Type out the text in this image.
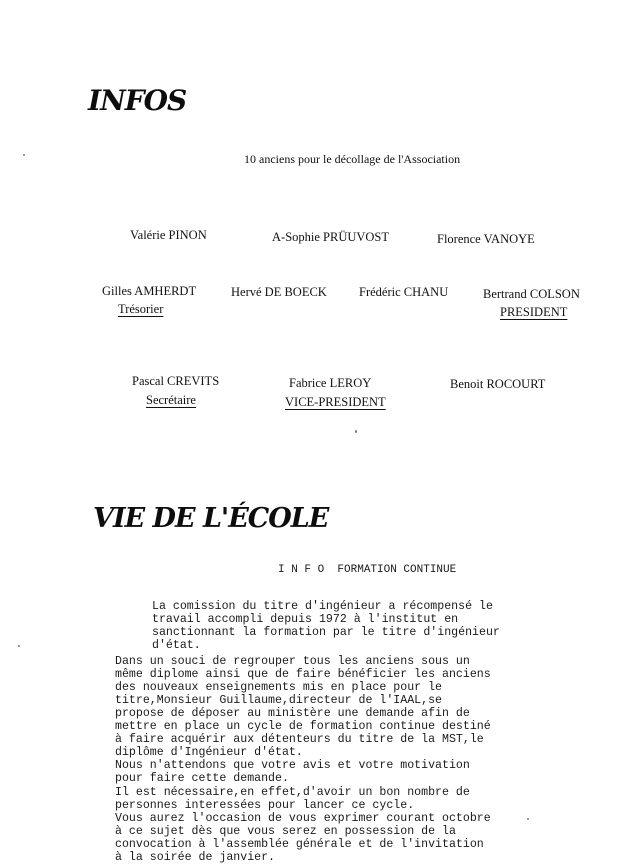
INFOS
10 anciens pour le décollage de l'Association
Valérie PINON	A-Sophie PRÜUVOST	Florence VANOYE
Gilles AMHERDT
Trésorier
Hervé DE BOECK	Frédéric CHANU	Bertrand COLSON
PRESIDENT
Pascal CREVITS
Secrétaire
Fabrice LEROY
VICE-PRESIDENT
Benoit ROCOURT
VIE DE L'ÉCOLE
I N F O  FORMATION CONTINUE
La comission du titre d'ingénieur a récompensé le
travail accompli depuis 1972 à l'institut en
sanctionnant la formation par le titre d'ingénieur
d'état.
Dans un souci de regrouper tous les anciens sous un
même diplome ainsi que de faire bénéficier les anciens
des nouveaux enseignements mis en place pour le
titre,Monsieur Guillaume,directeur de l'IAAL,se
propose de déposer au ministère une demande afin de
mettre en place un cycle de formation continue destiné
à faire acquérir aux détenteurs du titre de la MST,le
diplôme d'Ingénieur d'état.
Nous n'attendons que votre avis et votre motivation
pour faire cette demande.
Il est nécessaire,en effet,d'avoir un bon nombre de
personnes interessées pour lancer ce cycle.
Vous aurez l'occasion de vous exprimer courant octobre
à ce sujet dès que vous serez en possession de la
convocation à l'assemblée générale et de l'invitation
à la soirée de janvier.
